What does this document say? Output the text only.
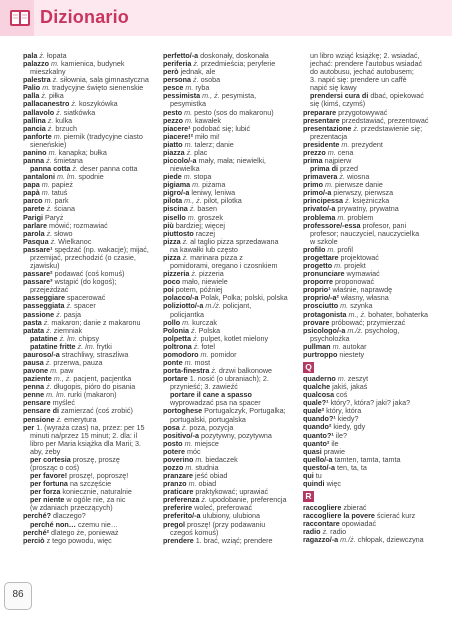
Dizionario
pala ż. łopata
palazzo m. kamienica, budynek
mieszkalny
palestra ż. siłownia, sala gimnastyczna
Palio m. tradycyjne święto sienenskie
palla ż. piłka
pallacanestro ż. koszykówka
pallavolo ż. siatkówka
pallina ż. kulka
pancia ż. brzuch
panforte m. piernik (tradycyjne ciasto
sieneńskie)
panino m. kanapka; bułka
panna ż. śmietana
panna cotta ż. deser panna cotta
pantaloni m. lm. spodnie
papa m. papież
papà m. tatuś
parco m. park
parete ż. ściana
Parigi Paryż
parlare mówić; rozmawiać
parola ż. słowo
Pasqua ż. Wielkanoc
passare¹ spędzać (np. wakacje); mijać,
przemijać, przechodzić (o czasie,
zjawisku)
passare² podawać (coś komuś)
passare³ wstąpić (do kogoś);
przejeżdżać
passeggiare spacerować
passeggiata ż. spacer
passione ż. pasja
pasta ż. makaron; danie z makaronu
patata ż. ziemniak
patatine ż. lm. chipsy
patatine fritte ż. lm. frytki
pauroso/-a strachliwy, straszliwa
pausa ż. przerwa, pauza
pavone m. paw
paziente m., ż. pacjent, pacjentka
penna ż. długopis, pióro do pisania
penne m. lm. rurki (makaron)
pensare myśleć
pensare di zamierzać (coś zrobić)
pensione ż. emerytura
per 1. (wyraża czas) na, przez: per 15
minuti na/przez 15 minut; 2. dla: il
libro per Maria książka dla Marii; 3.
aby, żeby
per cortesia proszę, proszę
(prosząc o coś)
per favore! proszę!, poproszę!
per fortuna na szczęście
per forza koniecznie, naturalnie
per niente w ogóle nie, za nic
(w zdaniach przeczących)
perché? dlaczego?
perché non… czemu nie…
perché² dlatego że, ponieważ
perciò z tego powodu, więc
perfetto/-a doskonały, doskonała
periferia ż. przedmieścia; peryferie
però jednak, ale
persona ż. osoba
pesce m. ryba
pessimista m., ż. pesymista,
pesymistka
pesto m. pesto (sos do makaronu)
pezzo m. kawałek
piacere¹ podobać się; lubić
piacere!² miło mi!
piatto m. talerz; danie
piazza ż. plac
piccolo/-a mały, mała; niewielki,
niewielka
piede m. stopa
pigiama m. piżama
pigro/-a leniwy, leniwa
pilota m., ż. pilot, pilotka
piscina ż. basen
pisello m. groszek
più bardziej; więcej
piuttosto raczej
pizza ż. al taglio pizza sprzedawana
na kawałki lub często
pizza ż. marinara pizza z
pomidorami, oregano i czosnkiem
pizzeria ż. pizzeria
poco mało, niewiele
poi potem, później
polacco/-a Polak, Polka; polski, polska
poliziotto/-a m./ż. policjant,
policjantka
pollo m. kurczak
Polonia ż. Polska
polpetta ż. pulpet, kotlet mielony
poltrona ż. fotel
pomodoro m. pomidor
ponte m. most
porta-finestra ż. drzwi balkonowe
portare 1. nosić (o ubraniach); 2.
przynieść; 3. zawieźć
portare il cane a spasso
wyprowadzać psa na spacer
portoghese Portugalczyk, Portugalka;
portugalski, portugalska
posa ż. poza, pozycja
positivo/-a pozytywny, pozytywna
posto m. miejsce
potere móc
poverino m. biedaczek
pozzo m. studnia
pranzare jeść obiad
pranzo m. obiad
praticare praktykować; uprawiać
preferenza ż. upodobanie, preferencja
preferire wolеć, preferować
preferito/-a ulubiony, ulubiona
pregol proszę! (przy podawaniu
czegoś komuś)
prendere 1. brać, wziąć; prendere
un libro wziąć książkę; 2. wsiadać,
jechać: prendere l'autobus wsiadać
do autobusu, jechać autobusem;
3. napić się: prendere un caffè
napić się kawy
prendersi cura di dbać, opiekować
się (kimś, czymś)
preparare przygotowywać
presentare przedstawiać, prezentować
presentazione ż. przedstawienie się;
prezentacja
presidente m. prezydent
prezzo m. cena
prima najpierw
prima di przed
primavera ż. wiosna
primo m. pierwsze danie
primo/-a pierwszy, pierwsza
principessa ż. księżniczka
privato/-a prywatny, prywatna
problema m. problem
professore/-essa profesor, pani
profesor; nauczyciel, nauczycielka
w szkole
profilo m. profil
progettare projektować
progetto m. projekt
pronunciare wymawiać
proporre proponować
proprio¹ właśnie, naprawdę
proprio/-a² własny, własna
prosciutto m. szynka
protagonista m., ż. bohater, bohaterka
provare próbować; przymierzać
psicologo/-a m./ż. psycholog,
psycholożka
pullman m. autokar
purtroppo niestety
Q
quaderno m. zeszyt
qualche jakiś, jakaś
qualcosa coś
quale?¹ który?, która? jaki? jaka?
quale² który, która
quando?¹ kiedy?
quando² kiedy, gdy
quanto?¹ ile?
quanto² ile
quasi prawie
quello/-a tamten, tamta, tamta
questo/-a ten, ta, ta
qui tu
quindi więc
R
raccogliere zbierać
raccogliere la povere ścierać kurz
raccontare opowiadać
radio ż. radio
ragazzo/-a m./ż. chłopak, dziewczyna
86
